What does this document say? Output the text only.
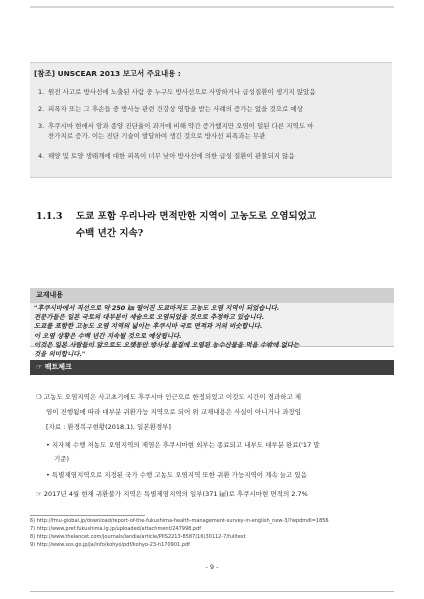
[참조] UNSCEAR 2013 보고서 주요내용 :
1. 원전 사고로 방사선에 노출된 사람 중 누구도 방사선으로 사망하거나 급성질환이 생기지 않았음
2. 피폭자 또는 그 후손들 중 방사능 관련 건강상 영향을 받는 사례의 증가는 없을 것으로 예상
3. 후쿠시마 현에서 암과 종양 진단율이 과거에 비해 약간 증가했지만 오염이 덜된 다른 지역도 마
찬가지로 증가. 이는 진단 기술이 발달하여 생긴 것으로 방사선 피폭과는 무관
4. 해양 및 토양 생태계에 대한 피폭이 너무 낮아 방사선에 의한 급성 질환이 관찰되지 않음
1.1.3 도쿄 포함 우리나라 면적만한 지역이 고농도로 오염되었고
수백 년간 지속?
교재내용

"후쿠시마에서 직선으로 약 250 ㎞ 떨어진 도쿄마저도 고농도 오염 지역이 되었습니다.

전문가들은 일본 국토의 대부분이 세슘으로 오염되었을 것으로 추정하고 있습니다.

도쿄를 포함한 고농도 오염 지역의 넓이는 후쿠시마 국토 면적과 거의 비슷합니다.

이 오염 상황은 수백 년간 지속될 것으로 예상됩니다.

이것은 일본 사람들이 앞으로도 오랫동안 방사성 물질에 오염된 농수산물을 먹을 수밖에 없다는

것을 의미합니다."

☞ 팩트체크
❍ 고농도 오염지역은 사고초기에도 후쿠시마 인근으로 한정되었고 이것도 시간이 경과하고 제
염이 진행됨에 따라 대부분 귀환가능 지역으로 되어 위 교재내용은 사실이 아니거나 과장임
[자료 : 환경복구현황(2018.1), 일본환경부]
• 지자체 수행 저농도 오염지역의 제염은 후쿠시마현 외부는 종료되고 내부도 대부분 완료('17 말
기준)
• 특별제염지역으로 지정된 국가 수행 고농도 오염지역 또한 귀환 가능지역이 계속 늘고 있음
☞ 2017년 4월 현재 귀환불가 지역은 특별제염지역의 일부(371 ㎢)로 후쿠시마현 면적의 2.7%
6) http://fmu-global.jp/download/report-of-the-fukushima-health-management-survey-in-english_new-3/?wpdmdl=1856
7) http://www.pref.fukushima.lg.jp/uploaded/attachment/247998.pdf
8) http://www.thelancet.com/journals/landia/article/PIIS2213-8587(16)30112-7/fulltext
9) http://www.sos.go.jp/ja/info/kohyo/pdf/kohyo-23-h170901.pdf
- 9 -
